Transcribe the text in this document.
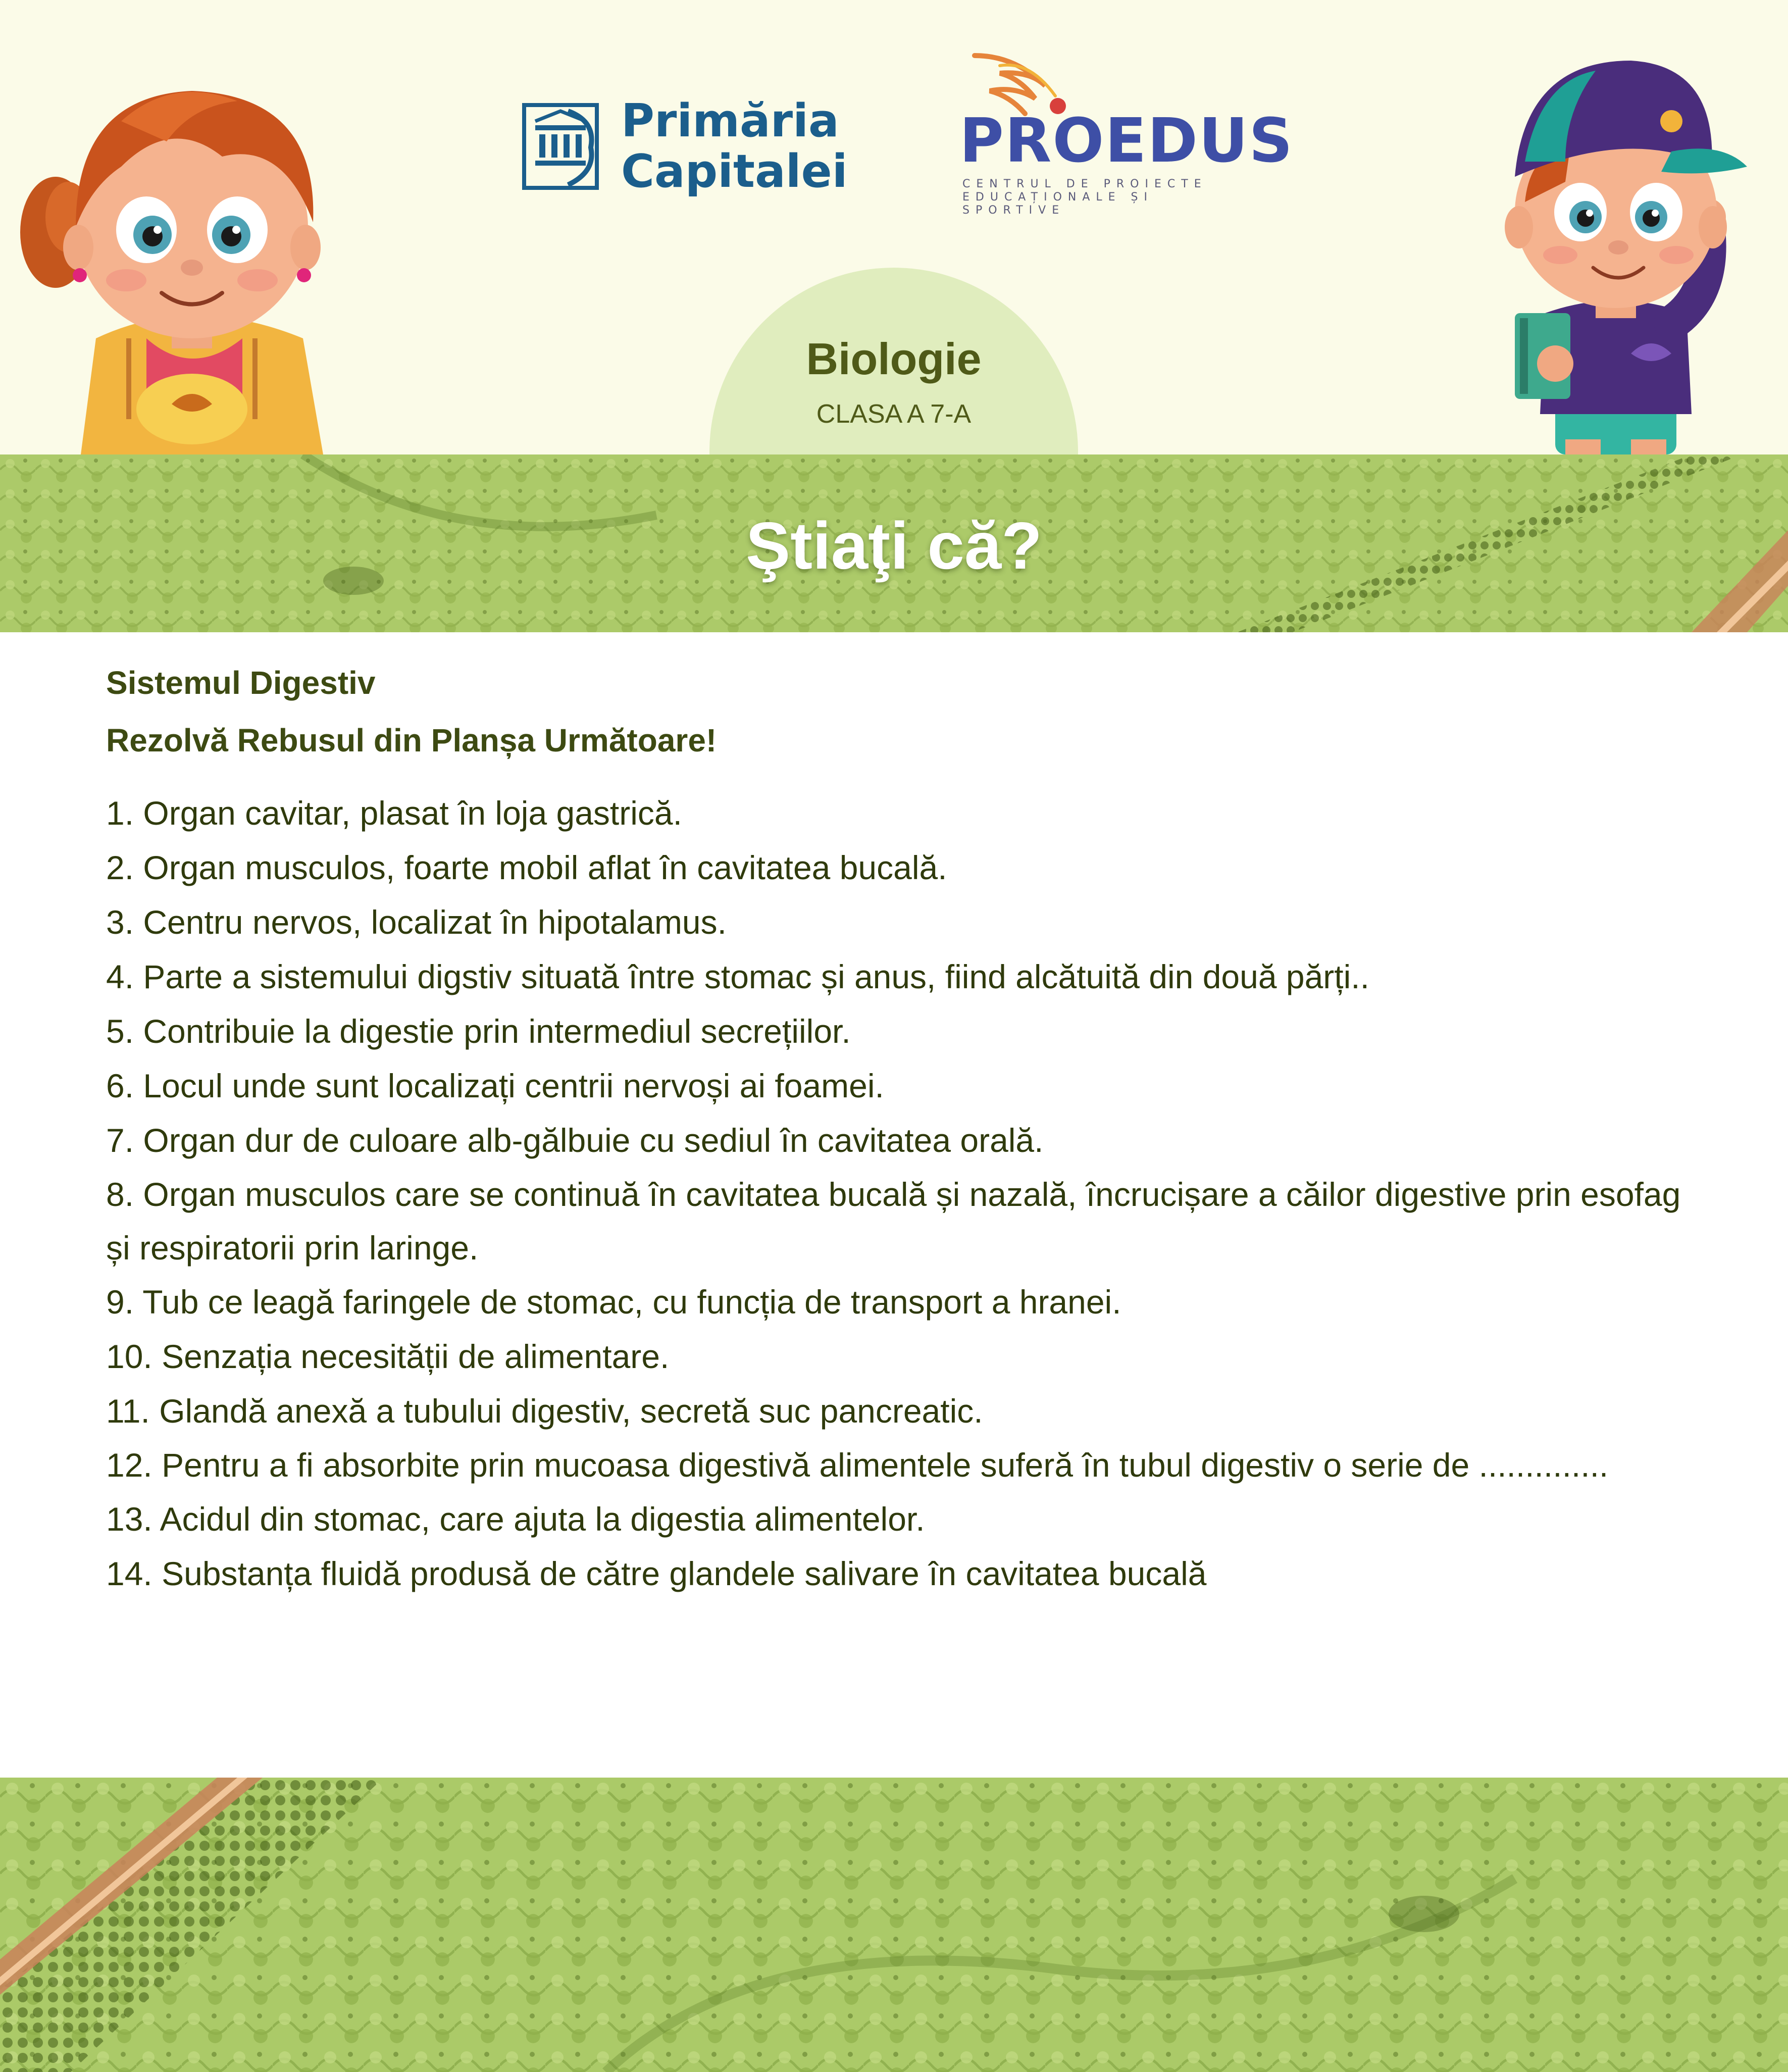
Primăria
Capitalei PROEDUS
CENTRUL DE PROIECTE
EDUCAȚIONALE ȘI SPORTIVE
Biologie
CLASA A 7-A
Ştiaţi că?

Sistemul Digestiv

Rezolvă Rebusul din Planșa Următoare!

1. Organ cavitar, plasat în loja gastrică.
2. Organ musculos, foarte mobil aflat în cavitatea bucală.
3. Centru nervos, localizat în hipotalamus.
4. Parte a sistemului digstiv situată între stomac și anus, fiind alcătuită din două părți..
5. Contribuie la digestie prin intermediul secrețiilor.
6. Locul unde sunt localizați centrii nervoși ai foamei.
7. Organ dur de culoare alb-gălbuie cu sediul în cavitatea orală.
8. Organ musculos care se continuă în cavitatea bucală și nazală, încrucișare a căilor digestive prin esofag și respiratorii prin laringe.
9. Tub ce leagă faringele de stomac, cu funcția de transport a hranei.
10. Senzația necesității de alimentare.
11. Glandă anexă a tubului digestiv, secretă suc pancreatic.
12. Pentru a fi absorbite prin mucoasa digestivă alimentele suferă în tubul digestiv o serie de ..............
13. Acidul din stomac, care ajuta la digestia alimentelor.
14. Substanța fluidă produsă de către glandele salivare în cavitatea bucală
